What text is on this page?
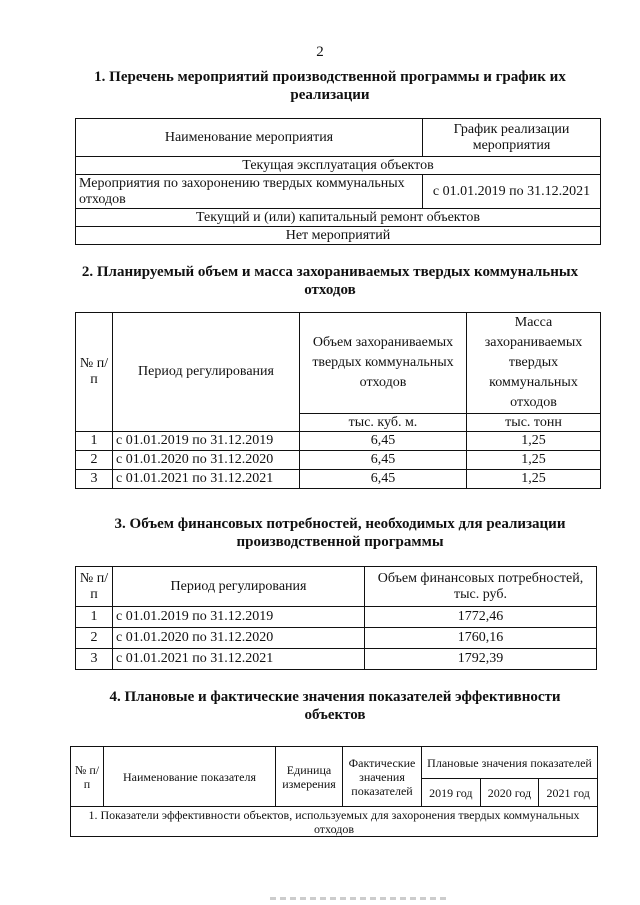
2
1. Перечень мероприятий производственной программы и график их
реализации
Наименование мероприятия	График реализации мероприятия
Текущая эксплуатация объектов	
Мероприятия по захоронению твердых коммунальных отходов	с 01.01.2019 по 31.12.2021
Текущий и (или) капитальный ремонт объектов	
Нет мероприятий	
2. Планируемый объем и масса захораниваемых твердых коммунальных
отходов
№ п/п	Период регулирования	Объем захораниваемых твердых коммунальных отходов	Масса захораниваемых твердых коммунальных отходов
		тыс. куб. м.	тыс. тонн
1	с 01.01.2019 по 31.12.2019	6,45	1,25
2	с 01.01.2020 по 31.12.2020	6,45	1,25
3	с 01.01.2021 по 31.12.2021	6,45	1,25
3. Объем финансовых потребностей, необходимых для реализации
производственной программы
№ п/п	Период регулирования	Объем финансовых потребностей, тыс. руб.
1	с 01.01.2019 по 31.12.2019	1772,46
2	с 01.01.2020 по 31.12.2020	1760,16
3	с 01.01.2021 по 31.12.2021	1792,39
4. Плановые и фактические значения показателей эффективности
объектов
№ п/п	Наименование показателя	Единица измерения	Фактические значения показателей	Плановые значения показателей		
				2019 год	2020 год	2021 год
1. Показатели эффективности объектов, используемых для захоронения твердых коммунальных отходов						
